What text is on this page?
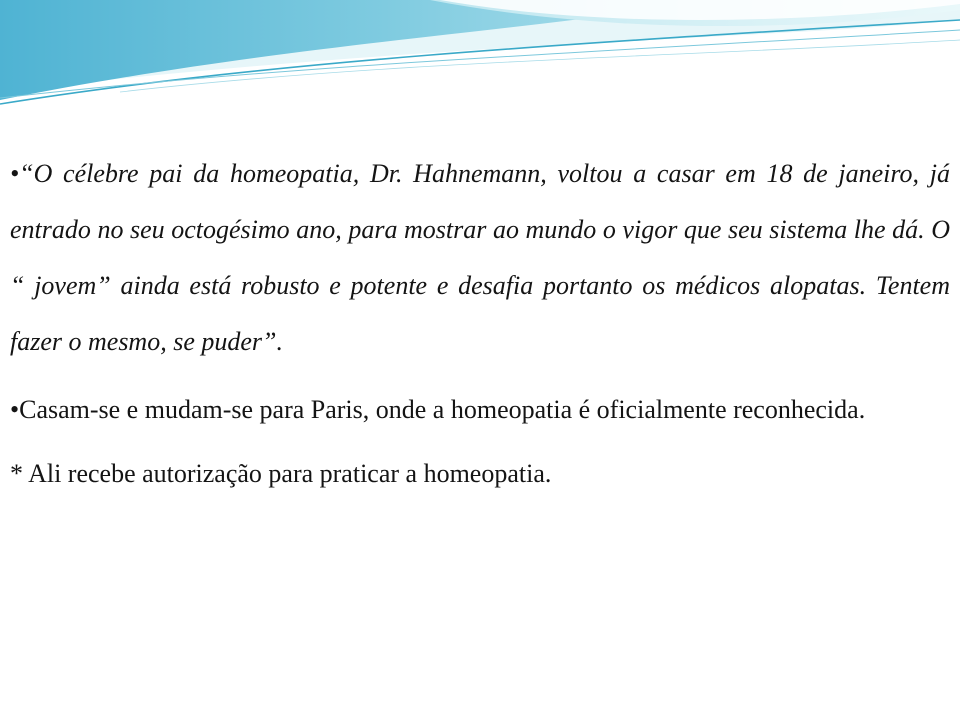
•“O célebre pai da homeopatia, Dr. Hahnemann, voltou a casar em 18 de janeiro, já entrado no seu octogésimo ano, para mostrar ao mundo o vigor que seu sistema lhe dá. O “ jovem” ainda está robusto e potente e desafia portanto os médicos alopatas. Tentem fazer o mesmo, se puder”.

•Casam-se e mudam-se para Paris, onde a homeopatia é oficialmente reconhecida.

* Ali recebe autorização para praticar a homeopatia.
